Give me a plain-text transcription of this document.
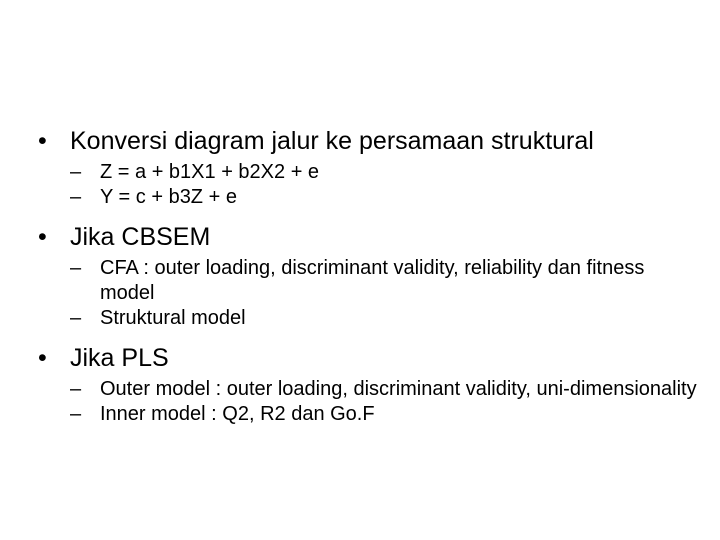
• Konversi diagram jalur ke persamaan struktural
– Z = a + b1X1 + b2X2 + e
– Y = c + b3Z + e
• Jika CBSEM
– CFA : outer loading, discriminant validity, reliability dan fitness model
– Struktural model
• Jika PLS
– Outer model : outer loading, discriminant validity, uni-dimensionality
– Inner model : Q2, R2 dan Go.F
